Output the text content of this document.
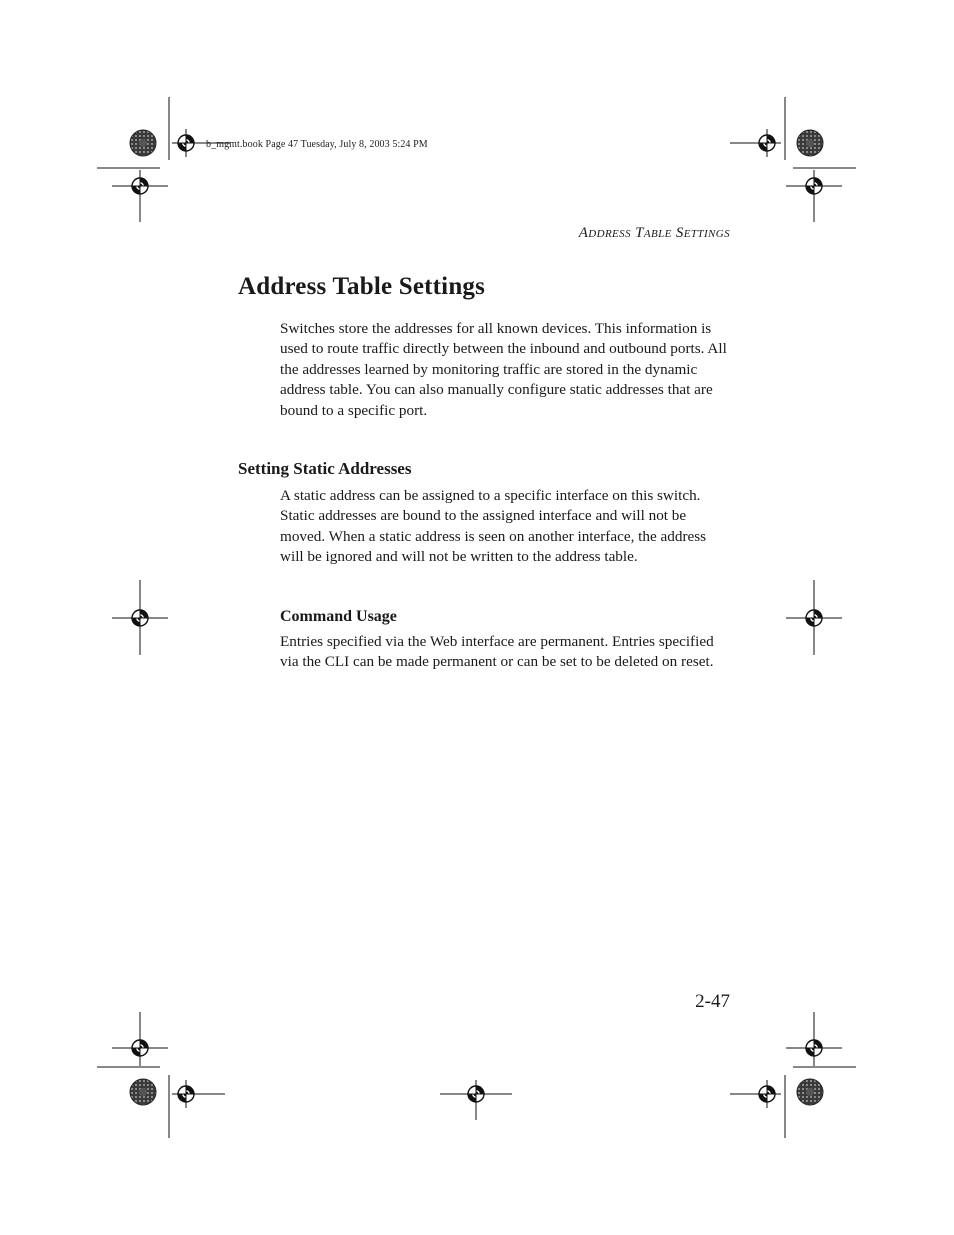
b_mgmt.book Page 47 Tuesday, July 8, 2003 5:24 PM
Address Table Settings
Address Table Settings

Switches store the addresses for all known devices. This information is used to route traffic directly between the inbound and outbound ports. All the addresses learned by monitoring traffic are stored in the dynamic address table. You can also manually configure static addresses that are bound to a specific port.

Setting Static Addresses

A static address can be assigned to a specific interface on this switch. Static addresses are bound to the assigned interface and will not be moved. When a static address is seen on another interface, the address will be ignored and will not be written to the address table.

Command Usage

Entries specified via the Web interface are permanent. Entries specified via the CLI can be made permanent or can be set to be deleted on reset.

2-47
